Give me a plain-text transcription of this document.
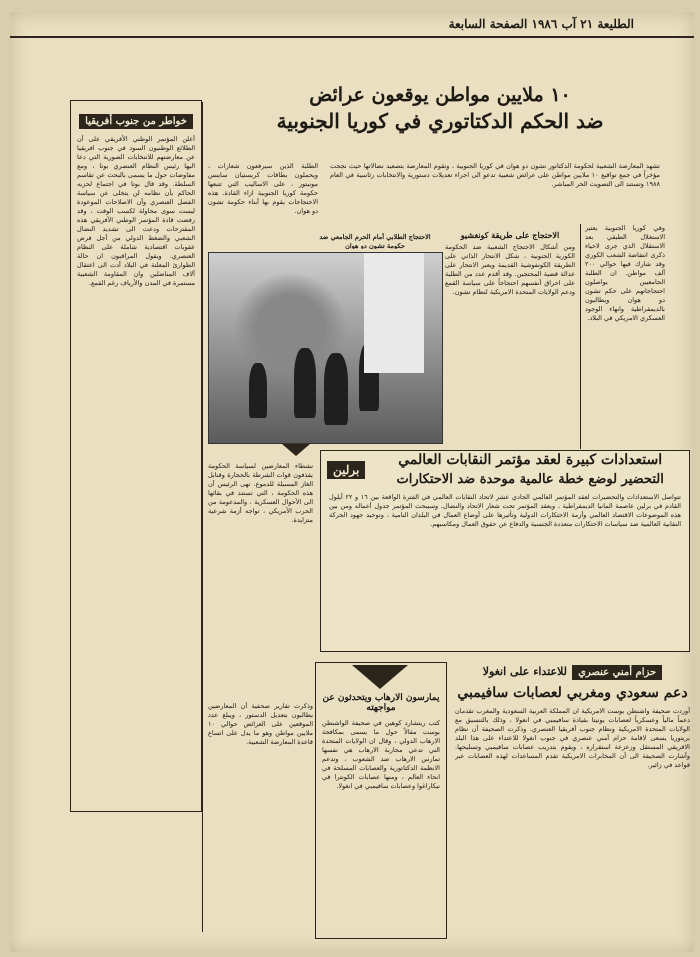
الطليعة ٢١ آب ١٩٨٦ الصفحة السابعة
خواطر من جنوب أفريقيا
أعلن المؤتمر الوطني الأفريقي على أن الطلائع الوطنيون السود في جنوب افريقيا عن معارضتهم للانتخابات الصورية التي دعا اليها رئيس النظام العنصري بوتا ، ومع مفاوضات حول ما يسمى بالبحث عن تقاسم السلطة. وقد قال بوتا في اجتماع لحزبه الحاكم بأن نظامه لن يتخلى عن سياسة الفصل العنصري وأن الاصلاحات الموعودة ليست سوى محاولة لكسب الوقت ، وقد رفضت قادة المؤتمر الوطني الأفريقي هذه المقترحات ودعت الى تشديد النضال الشعبي والضغط الدولي من أجل فرض عقوبات اقتصادية شاملة على النظام العنصري. ويقول المراقبون ان حالة الطوارئ المعلنة في البلاد أدت الى اعتقال آلاف المناضلين وان المقاومة الشعبية مستمرة في المدن والأرياف رغم القمع.
١٠ ملايين مواطن يوقعون عرائض
ضد الحكم الدكتاتوري في كوريا الجنوبية
تشهد المعارضة الشعبية لحكومة الدكتاتور تشون دو هوان في كوريا الجنوبية ، وتقوم المعارضة بتصعيد نضالاتها حيث نجحت مؤخراً في جمع تواقيع ١٠ ملايين مواطن على عرائض شعبية تدعو الى اجراء تعديلات دستورية والانتخابات رئاسية في العام ١٩٨٨ وتستند الى التصويت الحر المباشر.
وفي كوريا الجنوبية يعتبر الاستغلال الطبقي بعد الاستقلال الذي جرى لاحياء ذكرى انتفاضة الشعب الكوري وقد شارك فيها حوالي ٢٠٠ ألف مواطن. ان الطلبة الجامعيين يواصلون احتجاجاتهم على حكم تشون دو هوان ويطالبون بالديمقراطية وانهاء الوجود العسكري الامريكي في البلاد.
الاحتجاج على طريقة كونغشيو
ومن أشكال الاحتجاج الشعبية ضد الحكومة الكورية الجنوبية ، شكل الانتحار الذاتي على الطريقة الكونفوشية القديمة ويعبر الانتحار على عدالة قضية المحتجين. وقد أقدم عدد من الطلبة على احراق أنفسهم احتجاجاً على سياسة القمع ودعم الولايات المتحدة الامريكية لنظام تشون.
الطلبة الذين سيرفعون شعارات ، ويحملون بطاقات كريستيان ساينس مونيتور ، على الاساليب التي تتبعها حكومة كوريا الجنوبية ازاء القادة. هذه الاحتجاجات يقوم بها أبناء حكومة تشون دو هوان.
الاحتجاج الطلابي أمام الحرم الجامعي ضد حكومة تشون دو هوان
استعدادات كبيرة لعقد مؤتمر النقابات العالمي
التحضير لوضع خطة عالمية موحدة ضد الاحتكارات
برلين
تتواصل الاستعدادات والتحضيرات لعقد المؤتمر العالمي الحادي عشر لاتحاد النقابات العالمي في الفترة الواقعة بين ١٦ و ٢٢ أيلول القادم في برلين عاصمة المانيا الديمقراطية ، ويعقد المؤتمر تحت شعار الاتحاد والنضال. وسيبحث المؤتمر جدول أعماله ومن بين هذه الموضوعات الاقتصاد العالمي وأزمة الاحتكارات الدولية وتأثيرها على أوضاع العمال في البلدان النامية ، وتوحيد جهود الحركة النقابية العالمية ضد سياسات الاحتكارات متعددة الجنسية والدفاع عن حقوق العمال ومكاسبهم.
نشطاء المعارضين لسياسة الحكومة يقذفون قوات الشرطة بالحجارة وقنابل الغاز المسيلة للدموع. نهى الرئيس أن هذه الحكومة ، التي تستند في بقائها الى الأحوال العسكرية ، والمدعومة من الحرب الأمريكي ، تواجه أزمة شرعية متزايدة.
وذكرت تقارير صحفية أن المعارضين يطالبون بتعديل الدستور ، ويبلغ عدد الموقعين على العرائض حوالي ١٠ ملايين مواطن وهو ما يدل على اتساع قاعدة المعارضة الشعبية.
يمارسون الارهاب ويتحدثون عن مواجهته
كتب ريتشارد كوهين في صحيفة الواشنطن بوست مقالاً حول ما يسمى بمكافحة الارهاب الدولي ، وقال ان الولايات المتحدة التي تدعي محاربة الارهاب هي نفسها تمارس الارهاب ضد الشعوب ، وتدعم الانظمة الدكتاتورية والعصابات المسلحة في انحاء العالم ، ومنها عصابات الكونترا في نيكاراغوا وعصابات سافيمبي في انغولا.
حزام أمني عنصري للاعتداء على انغولا
دعم سعودي ومغربي لعصابات سافيمبي
أوردت صحيفة واشنطن بوست الامريكية ان المملكة العربية السعودية والمغرب تقدمان دعماً مالياً وعسكرياً لعصابات يونيتا بقيادة سافيمبي في انغولا ، وذلك بالتنسيق مع الولايات المتحدة الامريكية ونظام جنوب أفريقيا العنصري. وذكرت الصحيفة أن نظام بريتوريا يسعى لاقامة حزام أمني عنصري في جنوب انغولا للاعتداء على هذا البلد الافريقي المستقل وزعزعة استقراره ، ويقوم بتدريب عصابات سافيمبي وتسليحها. وأشارت الصحيفة الى أن المخابرات الامريكية تقدم المساعدات لهذه العصابات عبر قواعد في زائير.
